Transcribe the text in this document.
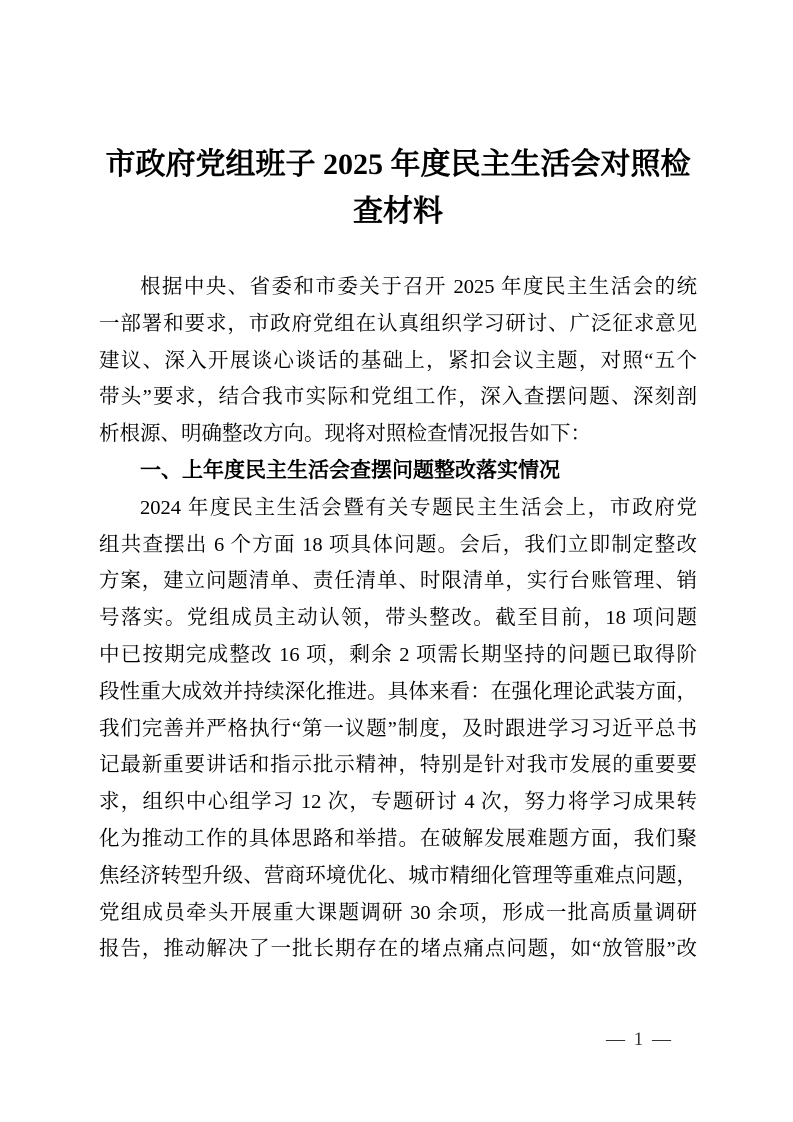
市政府党组班子 2025 年度民主生活会对照检
查材料
根据中央、省委和市委关于召开 2025 年度民主生活会的统
一部署和要求，市政府党组在认真组织学习研讨、广泛征求意见
建议、深入开展谈心谈话的基础上，紧扣会议主题，对照“五个
带头”要求，结合我市实际和党组工作，深入查摆问题、深刻剖
析根源、明确整改方向。现将对照检查情况报告如下：
一、上年度民主生活会查摆问题整改落实情况
2024 年度民主生活会暨有关专题民主生活会上，市政府党
组共查摆出 6 个方面 18 项具体问题。会后，我们立即制定整改
方案，建立问题清单、责任清单、时限清单，实行台账管理、销
号落实。党组成员主动认领，带头整改。截至目前，18 项问题
中已按期完成整改 16 项，剩余 2 项需长期坚持的问题已取得阶
段性重大成效并持续深化推进。具体来看：在强化理论武装方面，
我们完善并严格执行“第一议题”制度，及时跟进学习习近平总书
记最新重要讲话和指示批示精神，特别是针对我市发展的重要要
求，组织中心组学习 12 次，专题研讨 4 次，努力将学习成果转
化为推动工作的具体思路和举措。在破解发展难题方面，我们聚
焦经济转型升级、营商环境优化、城市精细化管理等重难点问题，
党组成员牵头开展重大课题调研 30 余项，形成一批高质量调研
报告，推动解决了一批长期存在的堵点痛点问题，如“放管服”改
— 1 —
